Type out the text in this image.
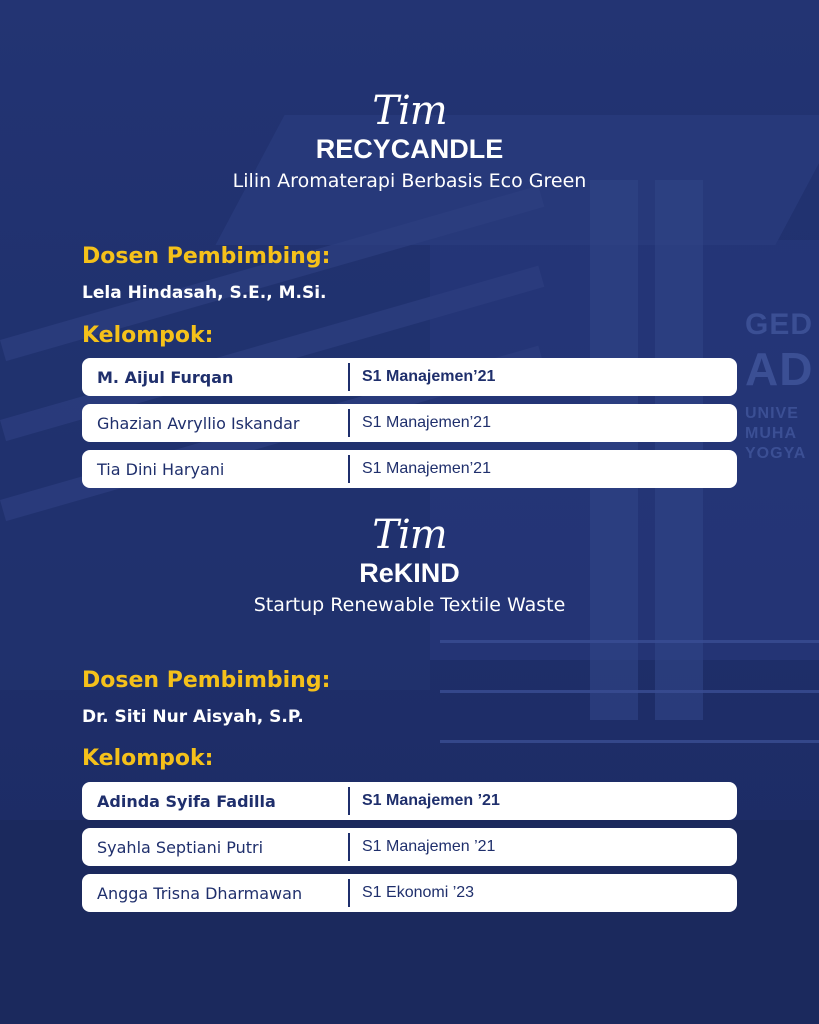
GED
AD
UNIVE
MUHA
YOGYA
Tim
RECYCANDLE
Lilin Aromaterapi Berbasis Eco Green
Dosen Pembimbing:
Lela Hindasah, S.E., M.Si.
Kelompok:
M. Aijul Furqan	S1 Manajemen’21
Ghazian Avryllio Iskandar	S1 Manajemen’21
Tia Dini Haryani	S1 Manajemen’21
Tim
ReKIND
Startup Renewable Textile Waste
Dosen Pembimbing:
Dr. Siti Nur Aisyah, S.P.
Kelompok:
Adinda Syifa Fadilla	S1 Manajemen ’21
Syahla Septiani Putri	S1 Manajemen ’21
Angga Trisna Dharmawan	S1 Ekonomi ’23
